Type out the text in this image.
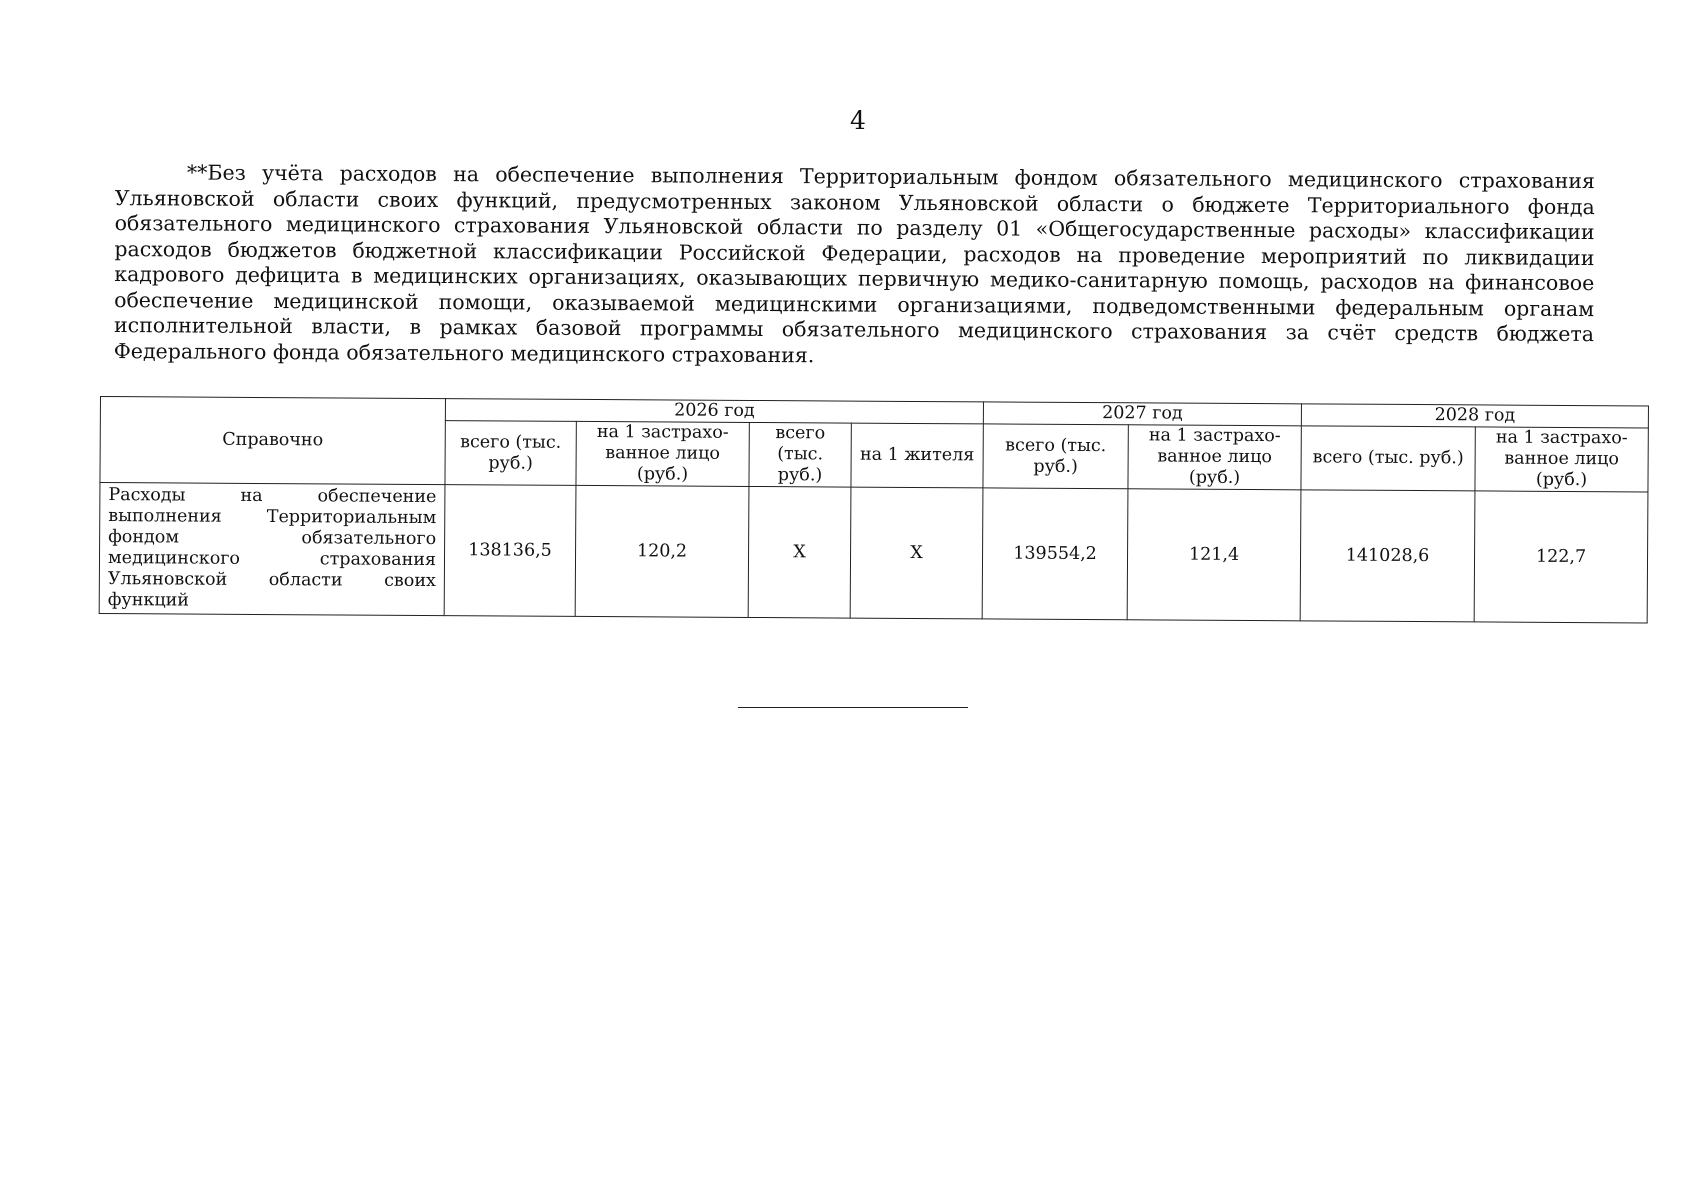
4

**Без учёта расходов на обеспечение выполнения Территориальным фондом обязательного медицинского страхования Ульяновской области своих функций, предусмотренных законом Ульяновской области о бюджете Территориального фонда обязательного медицинского страхования Ульяновской области по разделу 01 «Общегосударственные расходы» классификации расходов бюджетов бюджетной классификации Российской Федерации, расходов на проведение мероприятий по ликвидации кадрового дефицита в медицинских организациях, оказывающих первичную медико-санитарную помощь, расходов на финансовое обеспечение медицинской помощи, оказываемой медицинскими организациями, подведомственными федеральным органам исполнительной власти, в рамках базовой программы обязательного медицинского страхования за счёт средств бюджета Федерального фонда обязательного медицинского страхования.

Справочно	2026 год				2027 год		2028 год	
	всего (тыс. руб.)	на 1 застрахо-ванное лицо (руб.)	всего (тыс. руб.)	на 1 жителя	всего (тыс. руб.)	на 1 застрахо-ванное лицо (руб.)	всего (тыс. руб.)	на 1 застрахо-ванное лицо (руб.)
Расходы на обеспечение выполнения Территориальным фондом обязательного медицинского страхования Ульяновской области своих функций	138136,5	120,2	X	X	139554,2	121,4	141028,6	122,7
